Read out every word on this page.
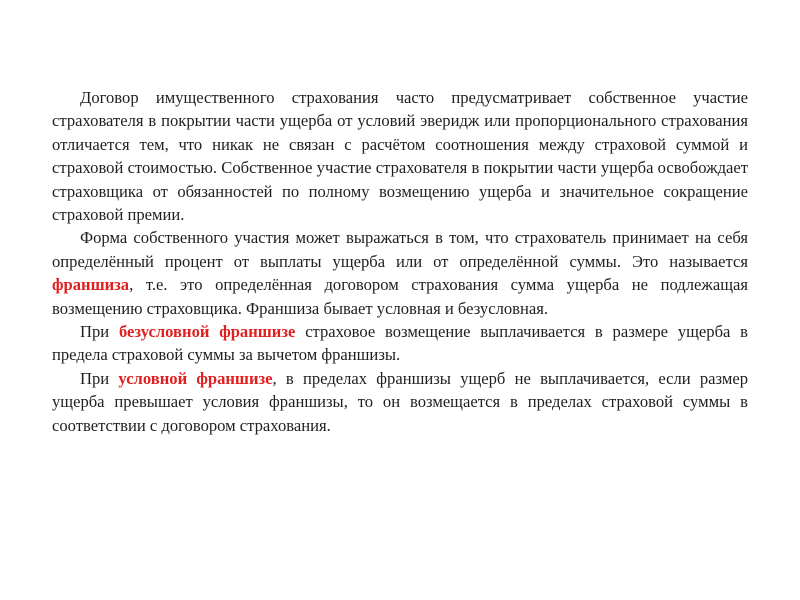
Договор имущественного страхования часто предусматривает собственное участие страхователя в покрытии части ущерба от условий эверидж или пропорционального страхования отличается тем, что никак не связан с расчётом соотношения между страховой суммой и страховой стоимостью. Собственное участие страхователя в покрытии части ущерба освобождает страховщика от обязанностей по полному возмещению ущерба и значительное сокращение страховой премии.

Форма собственного участия может выражаться в том, что страхователь принимает на себя определённый процент от выплаты ущерба или от определённой суммы. Это называется франшиза, т.е. это определённая договором страхования сумма ущерба не подлежащая возмещению страховщика. Франшиза бывает условная и безусловная.

При безусловной франшизе страховое возмещение выплачивается в размере ущерба в предела страховой суммы за вычетом франшизы.

При условной франшизе, в пределах франшизы ущерб не выплачивается, если размер ущерба превышает условия франшизы, то он возмещается в пределах страховой суммы в соответствии с договором страхования.
